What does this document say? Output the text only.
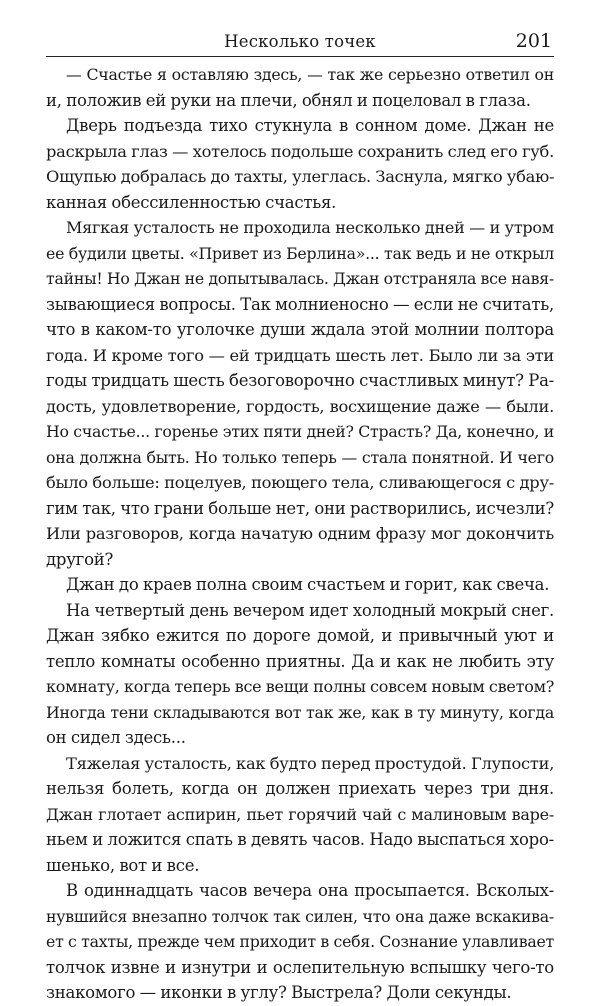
Несколько точек	201
— Счастье я оставляю здесь, — так же серьезно ответил он
и, положив ей руки на плечи, обнял и поцеловал в глаза.
Дверь подъезда тихо стукнула в сонном доме. Джан не
раскрыла глаз — хотелось подольше сохранить след его губ.
Ощупью добралась до тахты, улеглась. Заснула, мягко убаю-
канная обессиленностью счастья.
Мягкая усталость не проходила несколько дней — и утром
ее будили цветы. «Привет из Берлина»... так ведь и не открыл
тайны! Но Джан не допытывалась. Джан отстраняла все навя-
зывающиеся вопросы. Так молниеносно — если не считать,
что в каком-то уголочке души ждала этой молнии полтора
года. И кроме того — ей тридцать шесть лет. Было ли за эти
годы тридцать шесть безоговорочно счастливых минут? Ра-
дость, удовлетворение, гордость, восхищение даже — были.
Но счастье... горенье этих пяти дней? Страсть? Да, конечно, и
она должна быть. Но только теперь — стала понятной. И чего
было больше: поцелуев, поющего тела, сливающегося с дру-
гим так, что грани больше нет, они растворились, исчезли?
Или разговоров, когда начатую одним фразу мог докончить
другой?
Джан до краев полна своим счастьем и горит, как свеча.
На четвертый день вечером идет холодный мокрый снег.
Джан зябко ежится по дороге домой, и привычный уют и
тепло комнаты особенно приятны. Да и как не любить эту
комнату, когда теперь все вещи полны совсем новым светом?
Иногда тени складываются вот так же, как в ту минуту, когда
он сидел здесь...
Тяжелая усталость, как будто перед простудой. Глупости,
нельзя болеть, когда он должен приехать через три дня.
Джан глотает аспирин, пьет горячий чай с малиновым варе-
ньем и ложится спать в девять часов. Надо выспаться хоро-
шенько, вот и все.
В одиннадцать часов вечера она просыпается. Всколых-
нувшийся внезапно толчок так силен, что она даже вскакива-
ет с тахты, прежде чем приходит в себя. Сознание улавливает
толчок извне и изнутри и ослепительную вспышку чего-то
знакомого — иконки в углу? Выстрела? Доли секунды.
